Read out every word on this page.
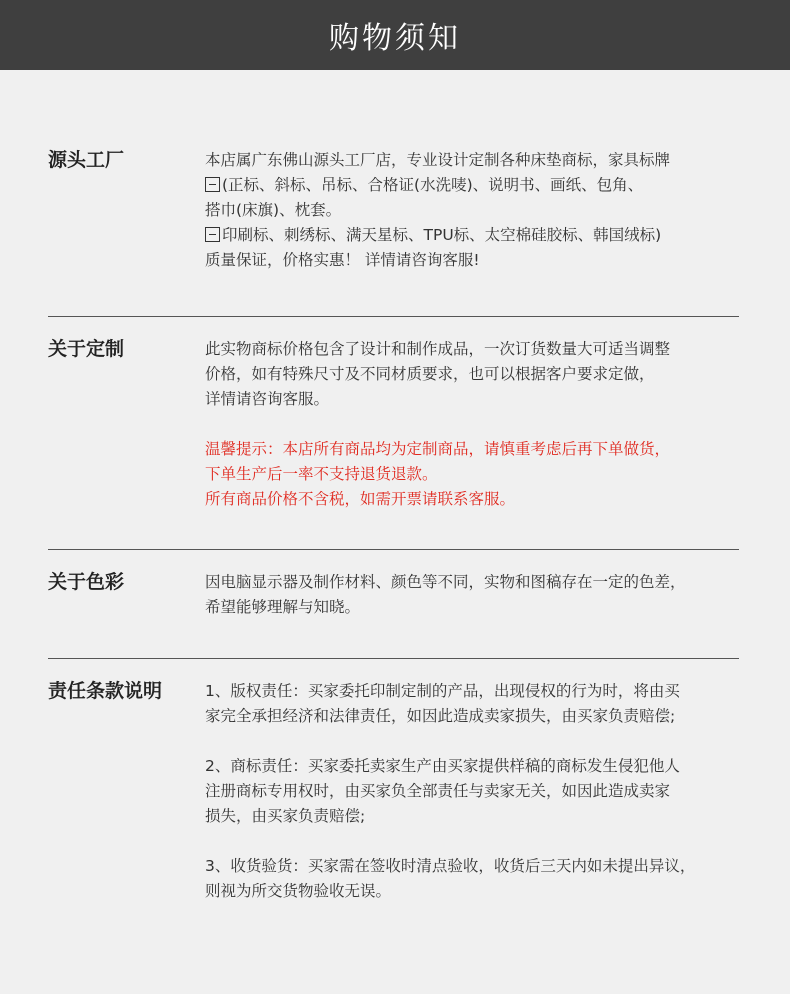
购物须知
源头工厂	本店属广东佛山源头工厂店，专业设计定制各种床垫商标，家具标牌
(正标、斜标、吊标、合格证(水洗唛)、说明书、画纸、包角、
搭巾(床旗)、枕套。
印刷标、刺绣标、满天星标、TPU标、太空棉硅胶标、韩国绒标)
质量保证，价格实惠！ 详情请咨询客服!
关于定制	此实物商标价格包含了设计和制作成品，一次订货数量大可适当调整
价格，如有特殊尺寸及不同材质要求，也可以根据客户要求定做，
详情请咨询客服。
温馨提示：本店所有商品均为定制商品，请慎重考虑后再下单做货，
下单生产后一率不支持退货退款。
所有商品价格不含税，如需开票请联系客服。
关于色彩	因电脑显示器及制作材料、颜色等不同，实物和图稿存在一定的色差，
希望能够理解与知晓。
责任条款说明	1、版权责任：买家委托印制定制的产品，出现侵权的行为时，将由买
家完全承担经济和法律责任，如因此造成卖家损失，由买家负责赔偿;
2、商标责任：买家委托卖家生产由买家提供样稿的商标发生侵犯他人
注册商标专用权时，由买家负全部责任与卖家无关，如因此造成卖家
损失，由买家负责赔偿;
3、收货验货：买家需在签收时清点验收，收货后三天内如未提出异议，
则视为所交货物验收无误。
